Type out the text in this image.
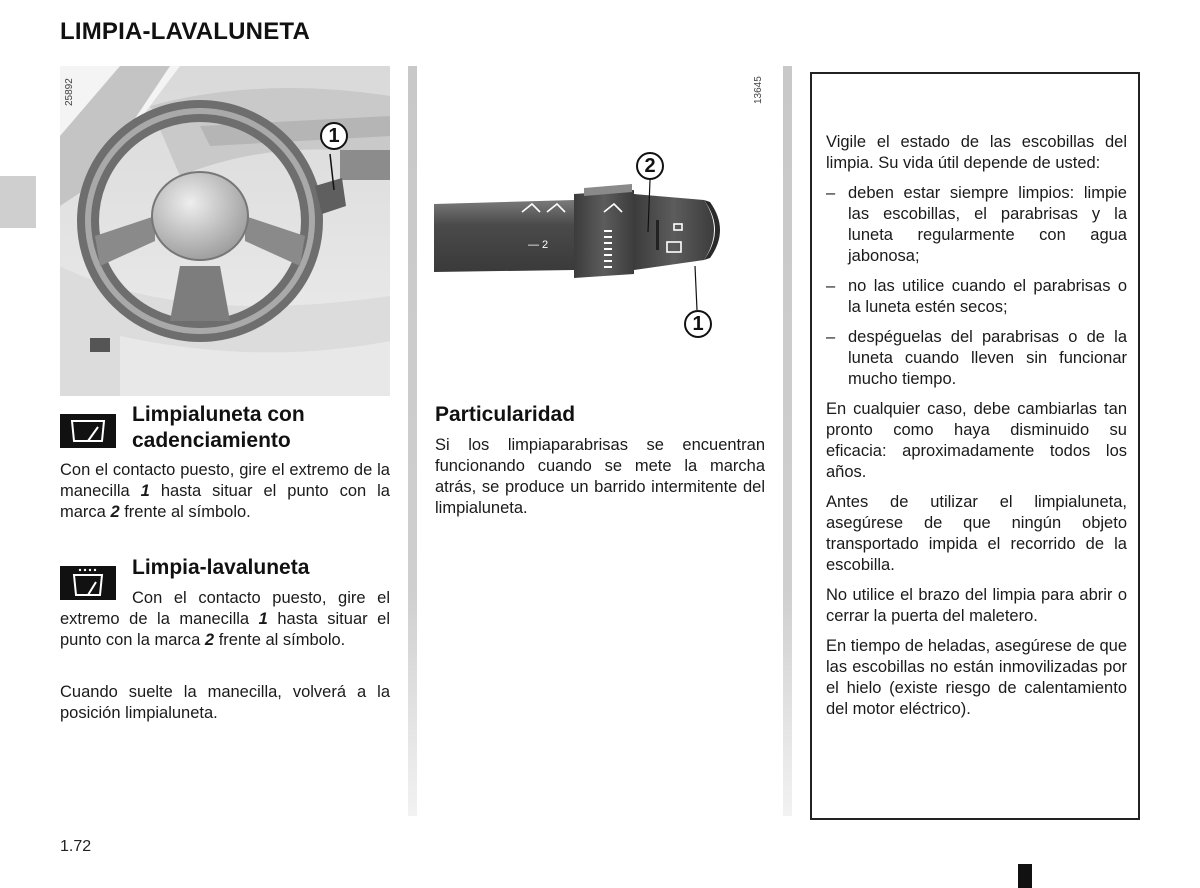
LIMPIA-LAVALUNETA
25892
1
— 2
13645
2
1
Limpialuneta con
cadenciamiento
Con el contacto puesto, gire el extremo de la manecilla 1 hasta situar el punto con la marca 2 frente al símbolo.
Limpia-lavaluneta
Con el contacto puesto, gire el extremo de la manecilla 1 hasta situar el punto con la marca 2 frente al símbolo.
Cuando suelte la manecilla, volverá a la posición limpialuneta.
Particularidad
Si los limpiaparabrisas se encuentran funcionando cuando se mete la marcha atrás, se produce un barrido intermitente del limpialuneta.

Vigile el estado de las escobillas del limpia. Su vida útil depende de usted:

– deben estar siempre limpios: limpie las escobillas, el parabrisas y la luneta regularmente con agua jabonosa;
– no las utilice cuando el parabrisas o la luneta estén secos;
– despéguelas del parabrisas o de la luneta cuando lleven sin funcionar mucho tiempo.

En cualquier caso, debe cambiarlas tan pronto como haya disminuido su eficacia: aproximadamente todos los años.

Antes de utilizar el limpialuneta, asegúrese de que ningún objeto transportado impida el recorrido de la escobilla.

No utilice el brazo del limpia para abrir o cerrar la puerta del maletero.

En tiempo de heladas, asegúrese de que las escobillas no están inmovilizadas por el hielo (existe riesgo de calentamiento del motor eléctrico).

1.72
